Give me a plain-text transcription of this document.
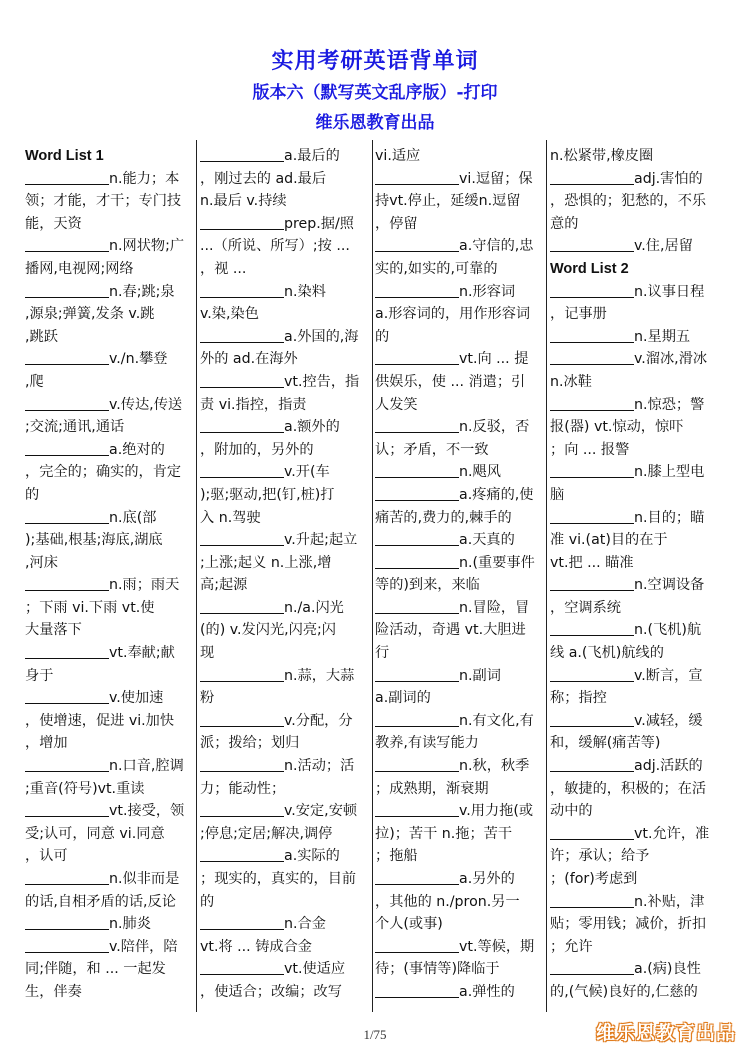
实用考研英语背单词
版本六（默写英文乱序版）-打印
维乐恩教育出品
Word List 1
n.能力；本
领；才能，才干；专门技
能，天资
n.网状物;广
播网,电视网;网络
n.春;跳;泉
,源泉;弹簧,发条 v.跳
,跳跃
v./n.攀登
,爬
v.传达,传送
;交流;通讯,通话
a.绝对的
，完全的；确实的，肯定
的
n.底(部
);基础,根基;海底,湖底
,河床
n.雨；雨天
；下雨 vi.下雨 vt.使
大量落下
vt.奉献;献
身于
v.使加速
，使增速，促进 vi.加快
，增加
n.口音,腔调
;重音(符号)vt.重读
vt.接受，领
受;认可，同意 vi.同意
，认可
n.似非而是
的话,自相矛盾的话,反论
n.肺炎
v.陪伴，陪
同;伴随，和 ... 一起发
生，伴奏
a.最后的
，刚过去的 ad.最后
n.最后 v.持续
prep.据/照
...（所说、所写）;按 ...
，视 ...
n.染料
v.染,染色
a.外国的,海
外的 ad.在海外
vt.控告，指
责 vi.指控，指责
a.额外的
，附加的，另外的
v.开(车
);驱;驱动,把(钉,桩)打
入 n.驾驶
v.升起;起立
;上涨;起义 n.上涨,增
高;起源
n./a.闪光
(的) v.发闪光,闪亮;闪
现
n.蒜，大蒜
粉
v.分配，分
派；拨给；划归
n.活动；活
力；能动性；
v.安定,安顿
;停息;定居;解决,调停
a.实际的
；现实的，真实的，目前
的
n.合金
vt.将 ... 铸成合金
vt.使适应
，使适合；改编；改写
vi.适应
vi.逗留；保
持vt.停止，延缓n.逗留
，停留
a.守信的,忠
实的,如实的,可靠的
n.形容词
a.形容词的，用作形容词
的
vt.向 ... 提
供娱乐，使 ... 消遣；引
人发笑
n.反驳，否
认；矛盾，不一致
n.飓风
a.疼痛的,使
痛苦的,费力的,棘手的
a.天真的
n.(重要事件
等的)到来，来临
n.冒险，冒
险活动，奇遇 vt.大胆进
行
n.副词
a.副词的
n.有文化,有
教养,有读写能力
n.秋，秋季
；成熟期，渐衰期
v.用力拖(或
拉)；苦干 n.拖；苦干
；拖船
a.另外的
，其他的 n./pron.另一
个人(或事)
vt.等候，期
待；(事情等)降临于
a.弹性的
n.松紧带,橡皮圈
adj.害怕的
，恐惧的；犯愁的，不乐
意的
v.住,居留
Word List 2
n.议事日程
，记事册
n.星期五
v.溜冰,滑冰
n.冰鞋
n.惊恐；警
报(器) vt.惊动，惊吓
；向 ... 报警
n.膝上型电
脑
n.目的；瞄
准 vi.(at)目的在于
vt.把 ... 瞄准
n.空调设备
，空调系统
n.(飞机)航
线 a.(飞机)航线的
v.断言，宣
称；指控
v.减轻，缓
和，缓解(痛苦等)
adj.活跃的
，敏捷的，积极的；在活
动中的
vt.允许，准
许；承认；给予
；(for)考虑到
n.补贴，津
贴；零用钱；减价，折扣
；允许
a.(病)良性
的,(气候)良好的,仁慈的
1/75	维乐恩教育出品
